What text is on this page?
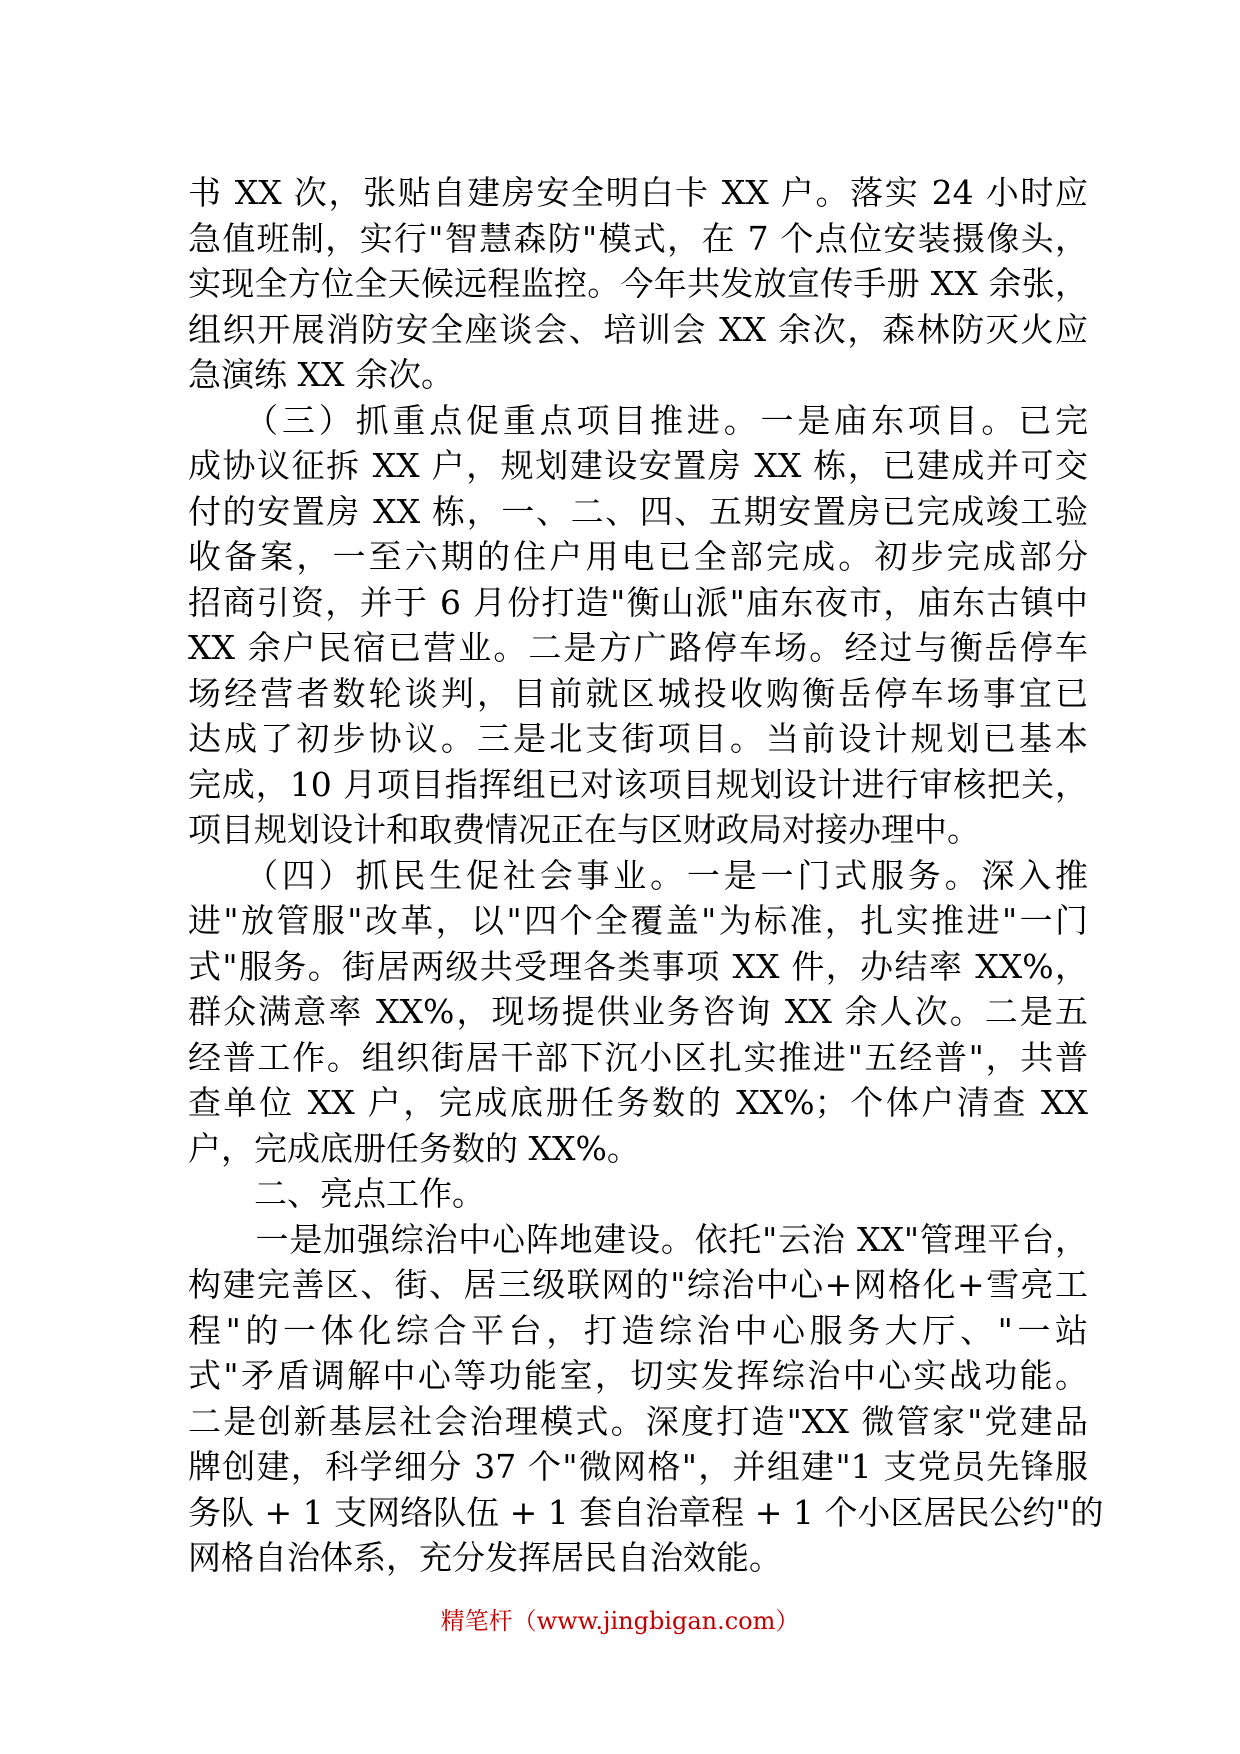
书 XX 次，张贴自建房安全明白卡 XX 户。落实 24 小时应
急值班制，实行"智慧森防"模式，在 7 个点位安装摄像头，
实现全方位全天候远程监控。今年共发放宣传手册 XX 余张，
组织开展消防安全座谈会、培训会 XX 余次，森林防灭火应
急演练 XX 余次。
　　（三）抓重点促重点项目推进。一是庙东项目。已完
成协议征拆 XX 户，规划建设安置房 XX 栋，已建成并可交
付的安置房 XX 栋，一、二、四、五期安置房已完成竣工验
收备案，一至六期的住户用电已全部完成。初步完成部分
招商引资，并于 6 月份打造"衡山派"庙东夜市，庙东古镇中
XX 余户民宿已营业。二是方广路停车场。经过与衡岳停车
场经营者数轮谈判，目前就区城投收购衡岳停车场事宜已
达成了初步协议。三是北支街项目。当前设计规划已基本
完成，10 月项目指挥组已对该项目规划设计进行审核把关，
项目规划设计和取费情况正在与区财政局对接办理中。
　　（四）抓民生促社会事业。一是一门式服务。深入推
进"放管服"改革，以"四个全覆盖"为标准，扎实推进"一门
式"服务。街居两级共受理各类事项 XX 件，办结率 XX%，
群众满意率 XX%，现场提供业务咨询 XX 余人次。二是五
经普工作。组织街居干部下沉小区扎实推进"五经普"，共普
查单位 XX 户，完成底册任务数的 XX%；个体户清查 XX
户，完成底册任务数的 XX%。
　　二、亮点工作。
　　一是加强综治中心阵地建设。依托"云治 XX"管理平台，
构建完善区、街、居三级联网的"综治中心+网格化+雪亮工
程"的一体化综合平台，打造综治中心服务大厅、"一站
式"矛盾调解中心等功能室，切实发挥综治中心实战功能。
二是创新基层社会治理模式。深度打造"XX 微管家"党建品
牌创建，科学细分 37 个"微网格"，并组建"1 支党员先锋服
务队 + 1 支网络队伍 + 1 套自治章程 + 1 个小区居民公约"的
网格自治体系，充分发挥居民自治效能。
精笔杆（www.jingbigan.com）
